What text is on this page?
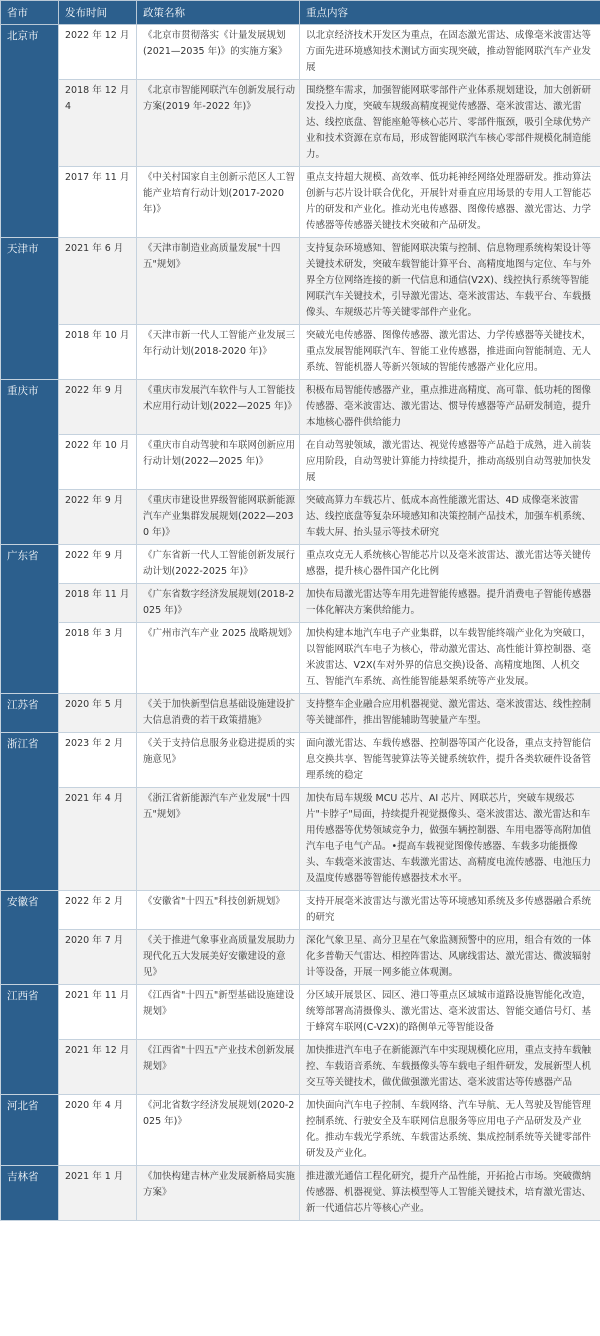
省市	发布时间	政策名称	重点内容
北京市	2022 年 12 月	《北京市贯彻落实《计量发展规划(2021—2035 年)》的实施方案》	以北京经济技术开发区为重点，在固态激光雷达、成像毫米波雷达等方面先进环境感知技术测试方面实现突破，推动智能网联汽车产业发展
	2018 年 12 月 4	《北京市智能网联汽车创新发展行动方案(2019 年-2022 年)》	围绕整车需求，加强智能网联零部件产业体系规划建设，加大创新研发投入力度，突破车规级高精度视觉传感器、毫米波雷达、激光雷达、线控底盘、智能座舱等核心芯片、零部件瓶颈，吸引全球优势产业和技术资源在京布局，形成智能网联汽车核心零部件规模化制造能力。
	2017 年 11 月	《中关村国家自主创新示范区人工智能产业培育行动计划(2017-2020 年)》	重点支持超大规模、高效率、低功耗神经网络处理器研发。推动算法创新与芯片设计联合优化，开展针对垂直应用场景的专用人工智能芯片的研发和产业化。推动光电传感器、图像传感器、激光雷达、力学传感器等传感器关键技术突破和产品研发。
天津市	2021 年 6 月	《天津市制造业高质量发展"十四五"规划》	支持复杂环境感知、智能网联决策与控制、信息物理系统构架设计等关键技术研发，突破车载智能计算平台、高精度地图与定位、车与外界全方位网络连接的新一代信息和通信(V2X)、线控执行系统等智能网联汽车关键技术，引导激光雷达、毫米波雷达、车载平台、车载摄像头、车规级芯片等关键零部件产业化。
	2018 年 10 月	《天津市新一代人工智能产业发展三年行动计划(2018-2020 年)》	突破光电传感器、图像传感器、激光雷达、力学传感器等关键技术，重点发展智能网联汽车、智能工业传感器，推进面向智能制造、无人系统、智能机器人等新兴领域的智能传感器产业化应用。
重庆市	2022 年 9 月	《重庆市发展汽车软件与人工智能技术应用行动计划(2022—2025 年)》	积极布局智能传感器产业，重点推进高精度、高可靠、低功耗的图像传感器、毫米波雷达、激光雷达、惯导传感器等产品研发制造，提升本地核心器件供给能力
	2022 年 10 月	《重庆市自动驾驶和车联网创新应用行动计划(2022—2025 年)》	在自动驾驶领域，激光雷达、视觉传感器等产品趋于成熟，进入前装应用阶段，自动驾驶计算能力持续提升，推动高级别自动驾驶加快发展
	2022 年 9 月	《重庆市建设世界级智能网联新能源汽车产业集群发展规划(2022—2030 年)》	突破高算力车载芯片、低成本高性能激光雷达、4D 成像毫米波雷达、线控底盘等复杂环境感知和决策控制产品技术，加强车机系统、车载大屏、抬头显示等技术研究
广东省	2022 年 9 月	《广东省新一代人工智能创新发展行动计划(2022-2025 年)》	重点攻克无人系统核心智能芯片以及毫米波雷达、激光雷达等关键传感器，提升核心器件国产化比例
	2018 年 11 月	《广东省数字经济发展规划(2018-2025 年)》	加快布局激光雷达等车用先进智能传感器。提升消费电子智能传感器一体化解决方案供给能力。
	2018 年 3 月	《广州市汽车产业 2025 战略规划》	加快构建本地汽车电子产业集群，以车载智能终端产业化为突破口，以智能网联汽车电子为核心，带动激光雷达、高性能计算控制器、毫米波雷达、V2X(车对外界的信息交换)设备、高精度地图、人机交互、智能汽车系统、高性能智能悬架系统等产业发展。
江苏省	2020 年 5 月	《关于加快新型信息基础设施建设扩大信息消费的若干政策措施》	支持整车企业融合应用机器视觉、激光雷达、毫米波雷达、线性控制等关键部件，推出智能辅助驾驶量产车型。
浙江省	2023 年 2 月	《关于支持信息服务业稳进提质的实施意见》	面向激光雷达、车载传感器、控制器等国产化设备，重点支持智能信息交换共享、智能驾驶算法等关键系统软件，提升各类软硬件设备管理系统的稳定
	2021 年 4 月	《浙江省新能源汽车产业发展"十四五"规划》	加快布局车规级 MCU 芯片、AI 芯片、网联芯片，突破车规级芯片"卡脖子"局面，持续提升视觉摄像头、毫米波雷达、激光雷达和车用传感器等优势领域竞争力，做强车辆控制器、车用电器等高附加值汽车电子电气产品。•提高车载视觉图像传感器、车载多功能摄像头、车载毫米波雷达、车载激光雷达、高精度电流传感器、电池压力及温度传感器等智能传感器技术水平。
安徽省	2022 年 2 月	《安徽省"十四五"科技创新规划》	支持开展毫米波雷达与激光雷达等环境感知系统及多传感器融合系统的研究
	2020 年 7 月	《关于推进气象事业高质量发展助力现代化五大发展美好安徽建设的意见》	深化气象卫星、高分卫星在气象监测预警中的应用，组合有效的一体化多普勒天气雷达、相控阵雷达、风廓线雷达、激光雷达、微波辐射计等设备，开展一网多能立体观测。
江西省	2021 年 11 月	《江西省"十四五"新型基础设施建设规划》	分区域开展景区、园区、港口等重点区域城市道路设施智能化改造，统筹部署高清摄像头、激光雷达、毫米波雷达、智能交通信号灯、基于蜂窝车联网(C-V2X)的路侧单元等智能设备
	2021 年 12 月	《江西省"十四五"产业技术创新发展规划》	加快推进汽车电子在新能源汽车中实现规模化应用，重点支持车载触控、车载语音系统、车载摄像头等车载电子组件研发，发展新型人机交互等关键技术，做优做强激光雷达、毫米波雷达等传感器产品
河北省	2020 年 4 月	《河北省数字经济发展规划(2020-2025 年)》	加快面向汽车电子控制、车载网络、汽车导航、无人驾驶及智能管理控制系统、行驶安全及车联网信息服务等应用电子产品研发及产业化。推动车载光学系统、车载雷达系统、集成控制系统等关键零部件研发及产业化。
吉林省	2021 年 1 月	《加快构建吉林产业发展新格局实施方案》	推进激光通信工程化研究，提升产品性能，开拓抢占市场。突破微纳传感器、机器视觉、算法模型等人工智能关键技术，培育激光雷达、新一代通信芯片等核心产业。
